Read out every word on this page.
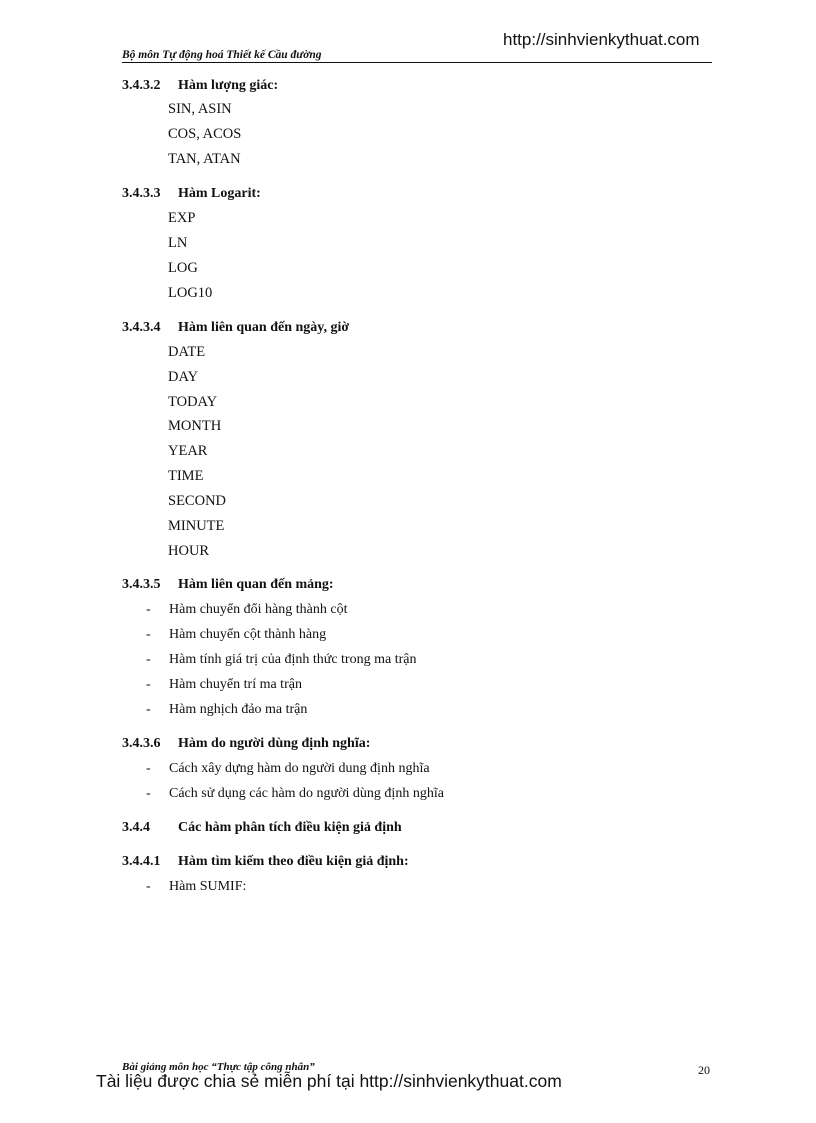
http://sinhvienkythuat.com
Bộ môn Tự động hoá Thiết kế Cầu đường
3.4.3.2 Hàm lượng giác:
SIN, ASIN
COS, ACOS
TAN, ATAN
3.4.3.3 Hàm Logarit:
EXP
LN
LOG
LOG10
3.4.3.4 Hàm liên quan đến ngày, giờ
DATE
DAY
TODAY
MONTH
YEAR
TIME
SECOND
MINUTE
HOUR
3.4.3.5 Hàm liên quan đến mảng:
- Hàm chuyển đổi hàng thành cột
- Hàm chuyển cột thành hàng
- Hàm tính giá trị của định thức trong ma trận
- Hàm chuyển trí ma trận
- Hàm nghịch đảo ma trận
3.4.3.6 Hàm do người dùng định nghĩa:
- Cách xây dựng hàm do người dung định nghĩa
- Cách sử dụng các hàm do người dùng định nghĩa
3.4.4 Các hàm phân tích điều kiện giả định
3.4.4.1 Hàm tìm kiếm theo điều kiện giả định:
- Hàm SUMIF:
Bài giảng môn học “Thực tập công nhân”	20
Tài liệu được chia sẻ miễn phí tại http://sinhvienkythuat.com
